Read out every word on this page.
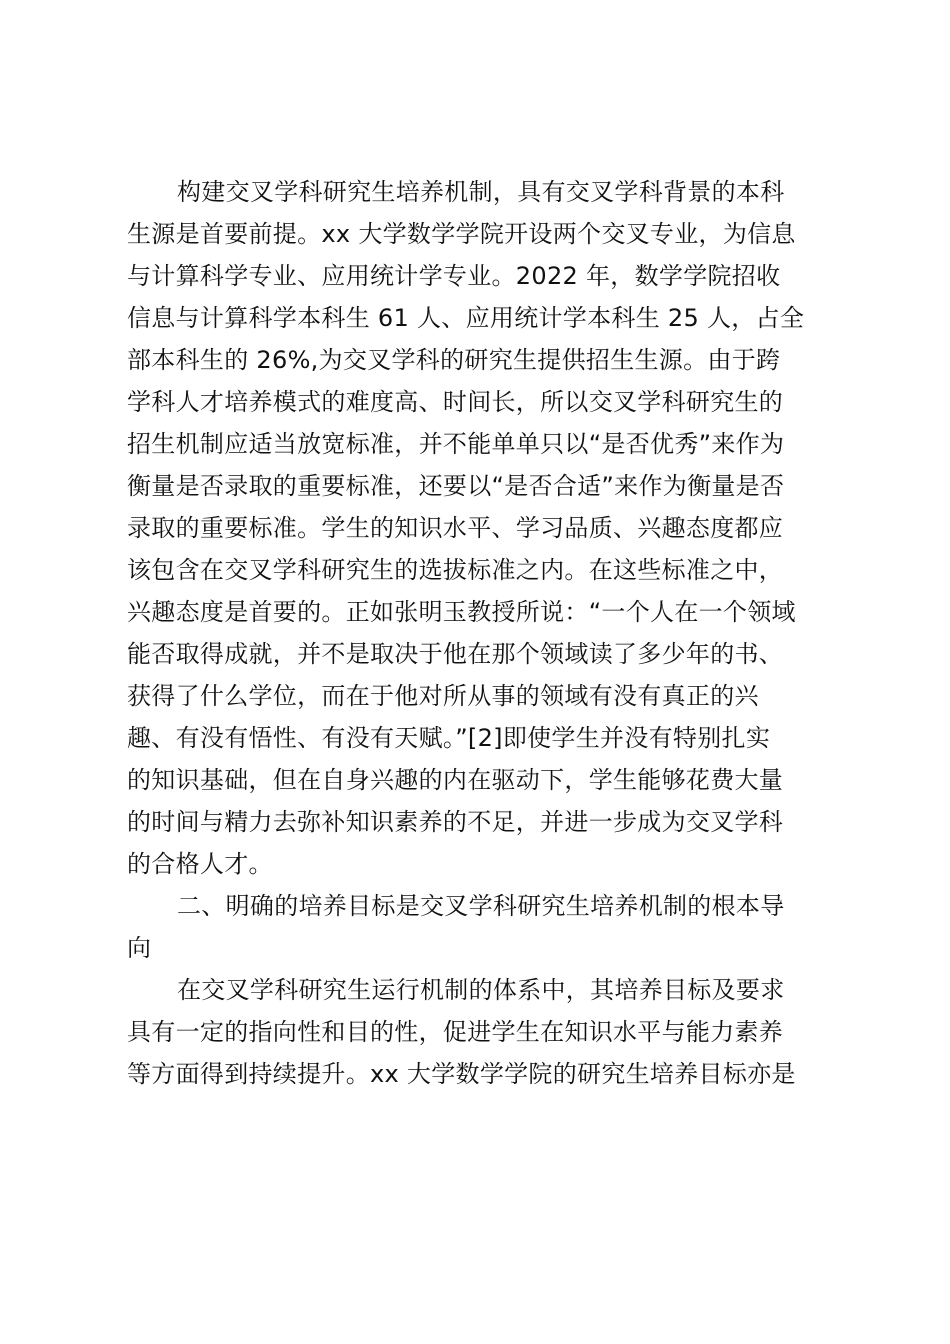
构建交叉学科研究生培养机制，具有交叉学科背景的本科
生源是首要前提。xx 大学数学学院开设两个交叉专业，为信息
与计算科学专业、应用统计学专业。2022 年，数学学院招收
信息与计算科学本科生 61 人、应用统计学本科生 25 人，占全
部本科生的 26%,为交叉学科的研究生提供招生生源。由于跨
学科人才培养模式的难度高、时间长，所以交叉学科研究生的
招生机制应适当放宽标准，并不能单单只以“是否优秀”来作为
衡量是否录取的重要标准，还要以“是否合适”来作为衡量是否
录取的重要标准。学生的知识水平、学习品质、兴趣态度都应
该包含在交叉学科研究生的选拔标准之内。在这些标准之中，
兴趣态度是首要的。正如张明玉教授所说：“一个人在一个领域
能否取得成就，并不是取决于他在那个领域读了多少年的书、
获得了什么学位，而在于他对所从事的领域有没有真正的兴
趣、有没有悟性、有没有天赋。”[2]即使学生并没有特别扎实
的知识基础，但在自身兴趣的内在驱动下，学生能够花费大量
的时间与精力去弥补知识素养的不足，并进一步成为交叉学科
的合格人才。
二、明确的培养目标是交叉学科研究生培养机制的根本导
向
在交叉学科研究生运行机制的体系中，其培养目标及要求
具有一定的指向性和目的性，促进学生在知识水平与能力素养
等方面得到持续提升。xx 大学数学学院的研究生培养目标亦是
